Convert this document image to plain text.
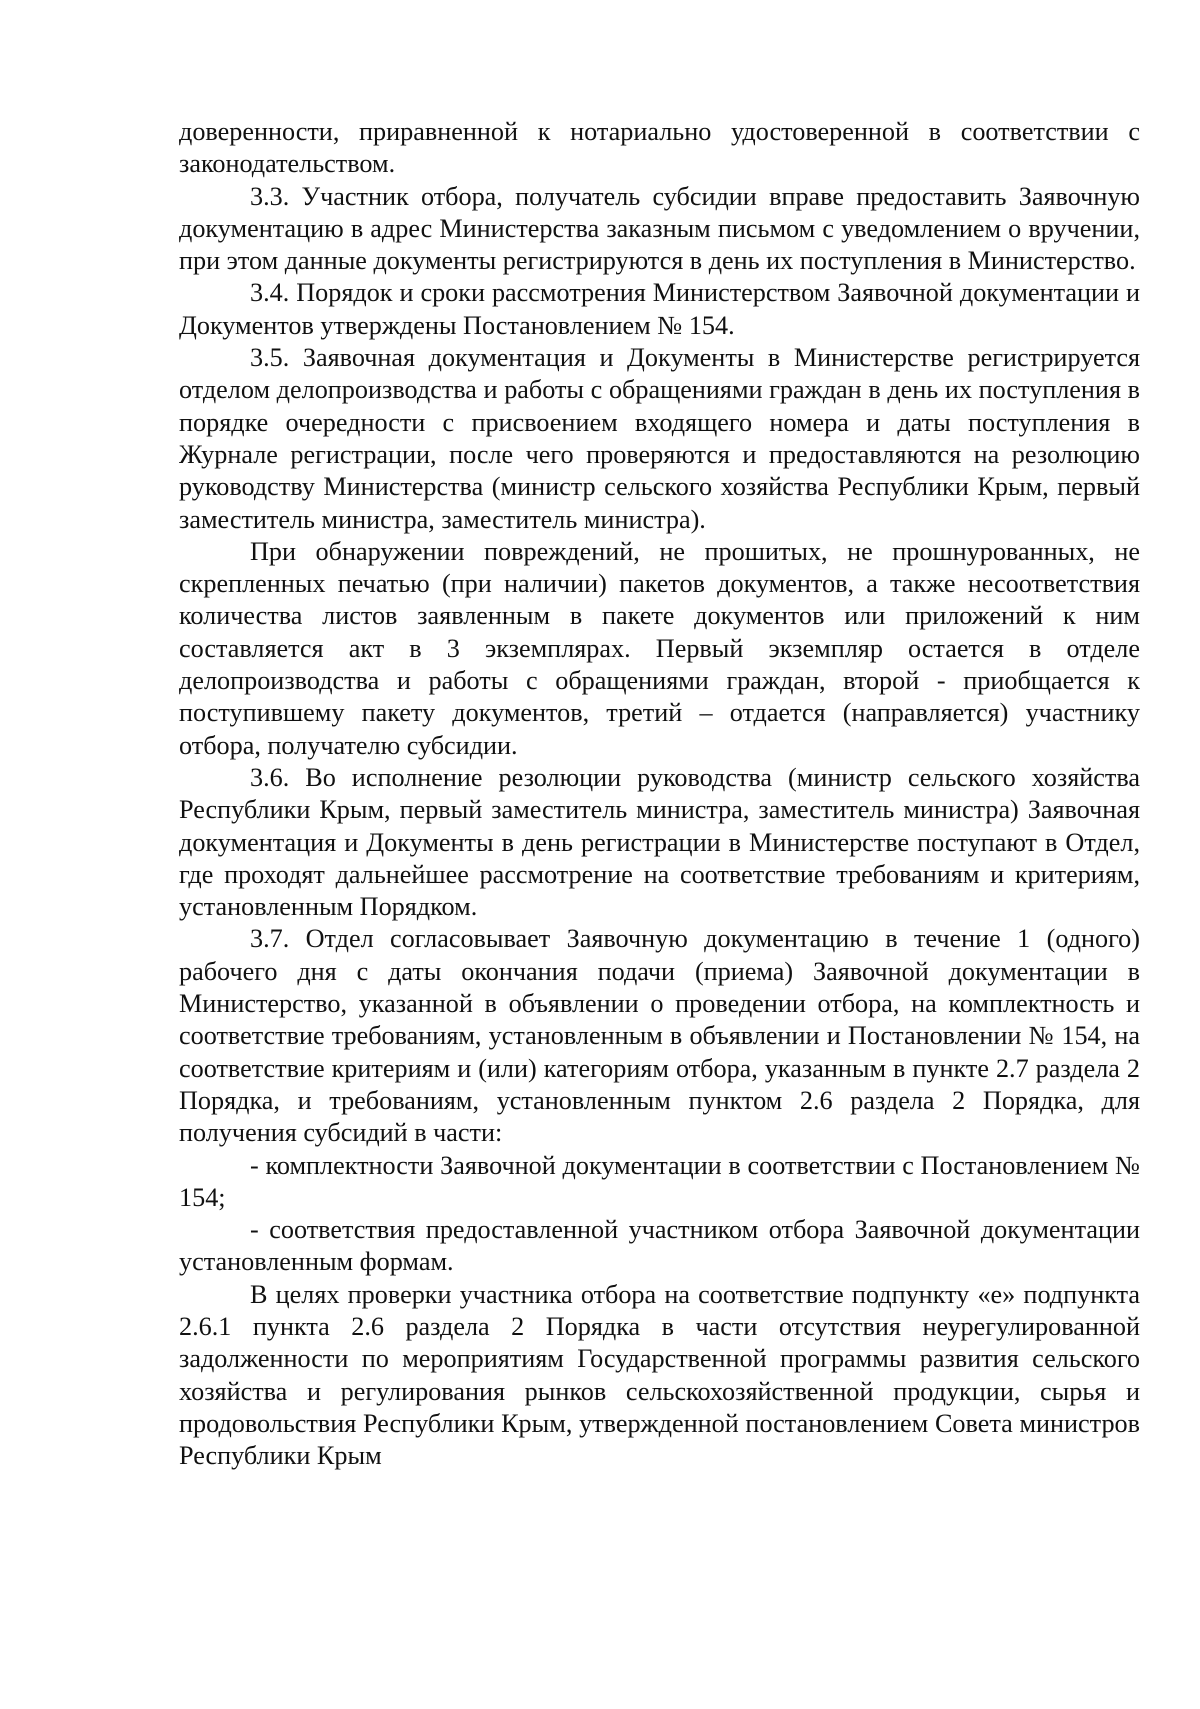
доверенности, приравненной к нотариально удостоверенной в соответствии с законодательством.

3.3. Участник отбора, получатель субсидии вправе предоставить Заявочную документацию в адрес Министерства заказным письмом с уведомлением о вручении, при этом данные документы регистрируются в день их поступления в Министерство.

3.4. Порядок и сроки рассмотрения Министерством Заявочной документации и Документов утверждены Постановлением № 154.

3.5. Заявочная документация и Документы в Министерстве регистрируется отделом делопроизводства и работы с обращениями граждан в день их поступления в порядке очередности с присвоением входящего номера и даты поступления в Журнале регистрации, после чего проверяются и предоставляются на резолюцию руководству Министерства (министр сельского хозяйства Республики Крым, первый заместитель министра, заместитель министра).

При обнаружении повреждений, не прошитых, не прошнурованных, не скрепленных печатью (при наличии) пакетов документов, а также несоответствия количества листов заявленным в пакете документов или приложений к ним составляется акт в 3 экземплярах. Первый экземпляр остается в отделе делопроизводства и работы с обращениями граждан, второй - приобщается к поступившему пакету документов, третий – отдается (направляется) участнику отбора, получателю субсидии.

3.6. Во исполнение резолюции руководства (министр сельского хозяйства Республики Крым, первый заместитель министра, заместитель министра) Заявочная документация и Документы в день регистрации в Министерстве поступают в Отдел, где проходят дальнейшее рассмотрение на соответствие требованиям и критериям, установленным Порядком.

3.7. Отдел согласовывает Заявочную документацию в течение 1 (одного) рабочего дня с даты окончания подачи (приема) Заявочной документации в Министерство, указанной в объявлении о проведении отбора, на комплектность и соответствие требованиям, установленным в объявлении и Постановлении № 154, на соответствие критериям и (или) категориям отбора, указанным в пункте 2.7 раздела 2 Порядка, и требованиям, установленным пунктом 2.6 раздела 2 Порядка, для получения субсидий в части:

- комплектности Заявочной документации в соответствии с Постановлением № 154;

- соответствия предоставленной участником отбора Заявочной документации установленным формам.

В целях проверки участника отбора на соответствие подпункту «е» подпункта 2.6.1 пункта 2.6 раздела 2 Порядка в части отсутствия неурегулированной задолженности по мероприятиям Государственной программы развития сельского хозяйства и регулирования рынков сельскохозяйственной продукции, сырья и продовольствия Республики Крым, утвержденной постановлением Совета министров Республики Крым
